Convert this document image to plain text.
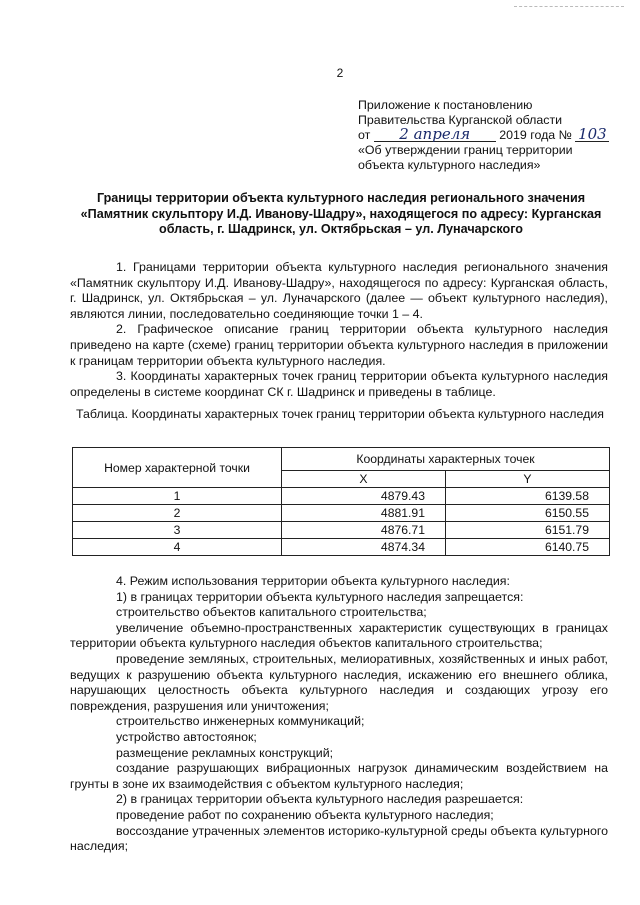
2
Приложение к постановлению
Правительства Курганской области
от 2 апреля 2019 года № 103
«Об утверждении границ территории
объекта культурного наследия»
Границы территории объекта культурного наследия регионального значения «Памятник скульптору И.Д. Иванову-Шадру», находящегося по адресу: Курганская область, г. Шадринск, ул. Октябрьская – ул. Луначарского

1. Границами территории объекта культурного наследия регионального значения «Памятник скульптору И.Д. Иванову-Шадру», находящегося по адресу: Курганская область, г. Шадринск, ул. Октябрьская – ул. Луначарского (далее — объект культурного наследия), являются линии, последовательно соединяющие точки 1 – 4.

2. Графическое описание границ территории объекта культурного наследия приведено на карте (схеме) границ территории объекта культурного наследия в приложении к границам территории объекта культурного наследия.

3. Координаты характерных точек границ территории объекта культурного наследия определены в системе координат СК г. Шадринск и приведены в таблице.

Таблица. Координаты характерных точек границ территории объекта культурного наследия
Номер характерной точки	Координаты характерных точек	
	X	Y
1	4879.43	6139.58
2	4881.91	6150.55
3	4876.71	6151.79
4	4874.34	6140.75

4. Режим использования территории объекта культурного наследия:

1) в границах территории объекта культурного наследия запрещается:

строительство объектов капитального строительства;

увеличение объемно-пространственных характеристик существующих в границах территории объекта культурного наследия объектов капитального строительства;

проведение земляных, строительных, мелиоративных, хозяйственных и иных работ, ведущих к разрушению объекта культурного наследия, искажению его внешнего облика, нарушающих целостность объекта культурного наследия и создающих угрозу его повреждения, разрушения или уничтожения;

строительство инженерных коммуникаций;

устройство автостоянок;

размещение рекламных конструкций;

создание разрушающих вибрационных нагрузок динамическим воздействием на грунты в зоне их взаимодействия с объектом культурного наследия;

2) в границах территории объекта культурного наследия разрешается:

проведение работ по сохранению объекта культурного наследия;

воссоздание утраченных элементов историко-культурной среды объекта культурного наследия;
